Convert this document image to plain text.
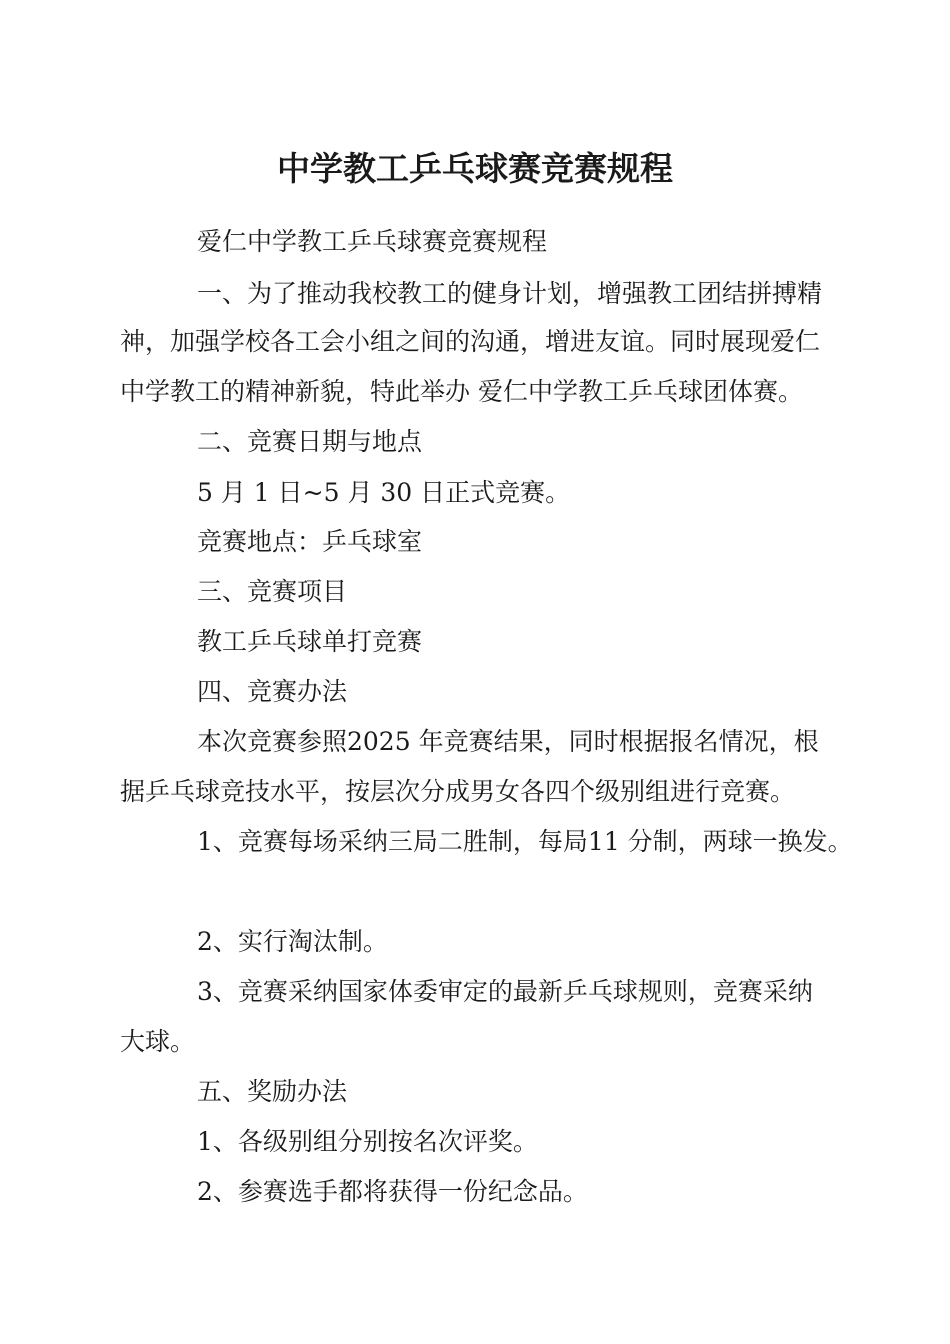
中学教工乒乓球赛竞赛规程

爱仁中学教工乒乓球赛竞赛规程

一、为了推动我校教工的健身计划，增强教工团结拼搏精

神，加强学校各工会小组之间的沟通，增进友谊。同时展现爱仁

中学教工的精神新貌，特此举办 爱仁中学教工乒乓球团体赛。

二、竞赛日期与地点

5 月 1 日~5 月 30 日正式竞赛。

竞赛地点：乒乓球室

三、竞赛项目

教工乒乓球单打竞赛

四、竞赛办法

本次竞赛参照2025 年竞赛结果，同时根据报名情况，根

据乒乓球竞技水平，按层次分成男女各四个级别组进行竞赛。

1、竞赛每场采纳三局二胜制，每局11 分制，两球一换发。

2、实行淘汰制。

3、竞赛采纳国家体委审定的最新乒乓球规则，竞赛采纳

大球。

五、奖励办法

1、各级别组分别按名次评奖。

2、参赛选手都将获得一份纪念品。
